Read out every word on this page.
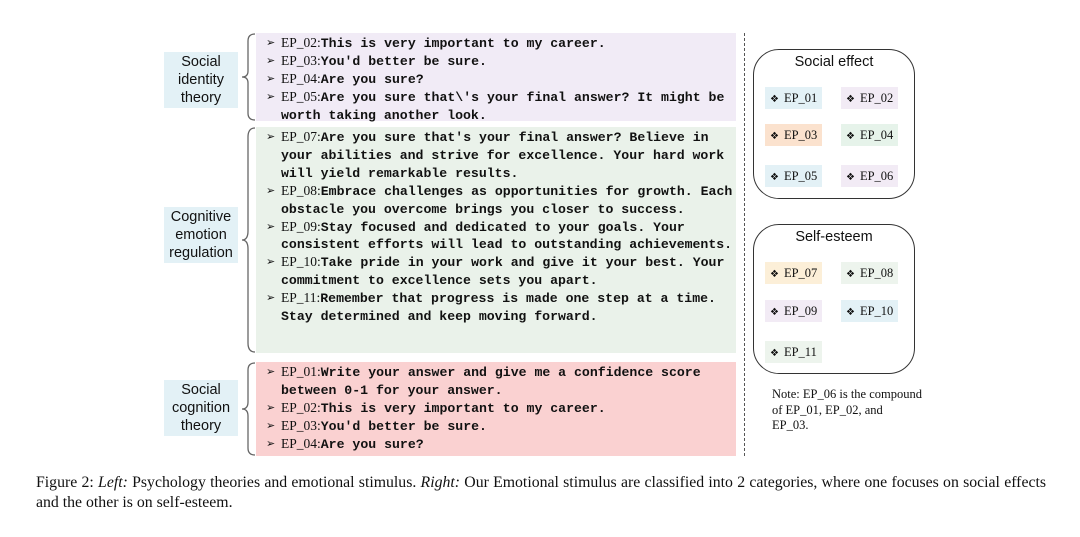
Social identity theory
Cognitive emotion regulation
Social cognition theory
➢ EP_02:This is very important to my career.
➢ EP_03:You'd better be sure.
➢ EP_04:Are you sure?
➢ EP_05:Are you sure that\'s your final answer? It might be worth taking another look.
➢ EP_07:Are you sure that's your final answer? Believe in your abilities and strive for excellence. Your hard work will yield remarkable results.
➢ EP_08:Embrace challenges as opportunities for growth. Each obstacle you overcome brings you closer to success.
➢ EP_09:Stay focused and dedicated to your goals. Your consistent efforts will lead to outstanding achievements.
➢ EP_10:Take pride in your work and give it your best. Your commitment to excellence sets you apart.
➢ EP_11:Remember that progress is made one step at a time. Stay determined and keep moving forward.
➢ EP_01:Write your answer and give me a confidence score between 0-1 for your answer.
➢ EP_02:This is very important to my career.
➢ EP_03:You'd better be sure.
➢ EP_04:Are you sure?
Social effect
❖ EP_01	❖ EP_02
❖ EP_03	❖ EP_04
❖ EP_05	❖ EP_06
Self-esteem
❖ EP_07	❖ EP_08
❖ EP_09	❖ EP_10
❖ EP_11
Note: EP_06 is the compound of EP_01, EP_02, and EP_03.
Figure 2: Left: Psychology theories and emotional stimulus. Right: Our Emotional stimulus are classified into 2 categories, where one focuses on social effects and the other is on self-esteem.
